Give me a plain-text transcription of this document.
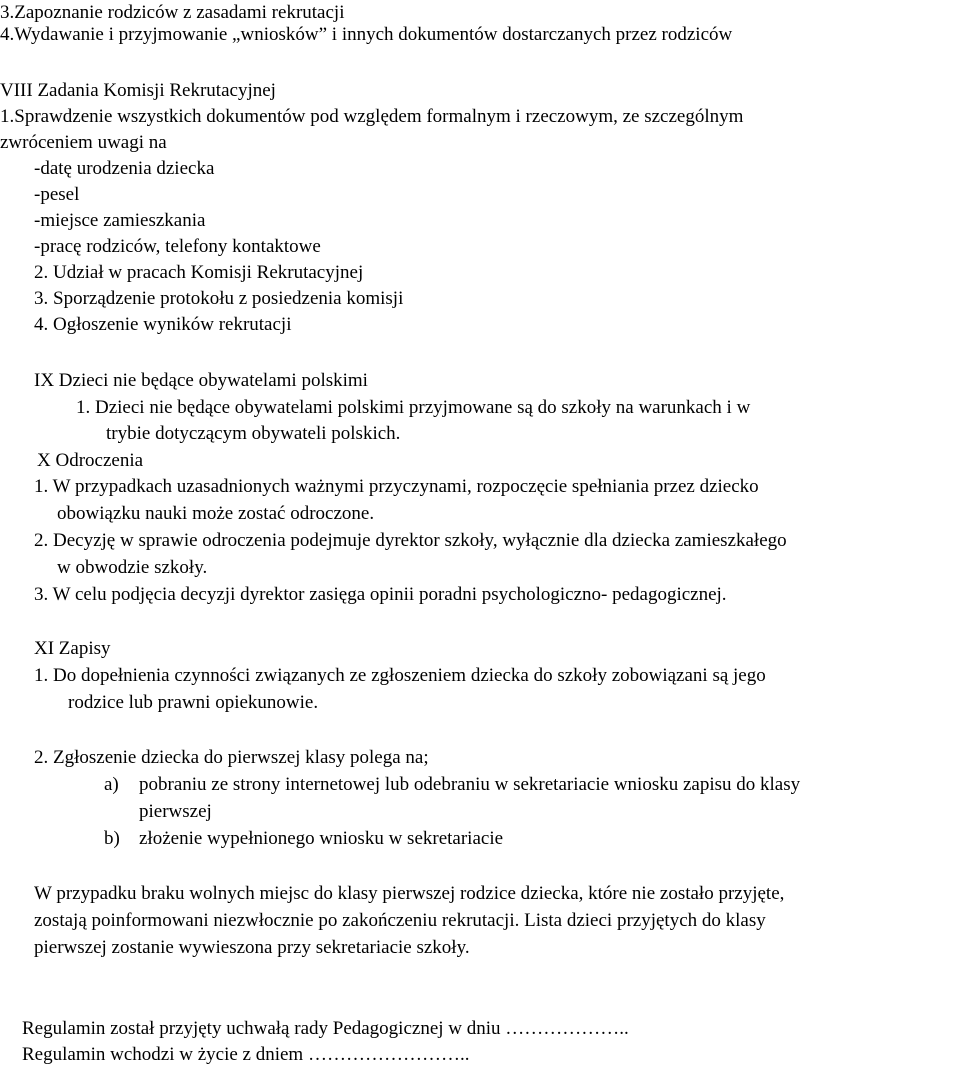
3.Zapoznanie rodziców z zasadami rekrutacji
4.Wydawanie i przyjmowanie „wniosków” i innych dokumentów dostarczanych przez rodziców
VIII Zadania Komisji Rekrutacyjnej
1.Sprawdzenie wszystkich dokumentów pod względem formalnym i rzeczowym, ze szczególnym
zwróceniem uwagi na
-datę urodzenia dziecka
-pesel
-miejsce zamieszkania
-pracę rodziców, telefony kontaktowe
2. Udział w pracach Komisji Rekrutacyjnej
3. Sporządzenie protokołu z posiedzenia komisji
4. Ogłoszenie wyników rekrutacji
IX Dzieci nie będące obywatelami polskimi
1. Dzieci nie będące obywatelami polskimi przyjmowane są do szkoły na warunkach i w
trybie dotyczącym obywateli polskich.
X Odroczenia
1. W przypadkach uzasadnionych ważnymi przyczynami, rozpoczęcie spełniania przez dziecko
obowiązku nauki może zostać odroczone.
2. Decyzję w sprawie odroczenia podejmuje dyrektor szkoły, wyłącznie dla dziecka zamieszkałego
w obwodzie szkoły.
3. W celu podjęcia decyzji dyrektor zasięga opinii poradni psychologiczno- pedagogicznej.
XI Zapisy
1. Do dopełnienia czynności związanych ze zgłoszeniem dziecka do szkoły zobowiązani są jego
rodzice lub prawni opiekunowie.
2. Zgłoszenie dziecka do pierwszej klasy polega na;
a) pobraniu ze strony internetowej lub odebraniu w sekretariacie wniosku zapisu do klasy
pierwszej
b) złożenie wypełnionego wniosku w sekretariacie
W przypadku braku wolnych miejsc do klasy pierwszej rodzice dziecka, które nie zostało przyjęte,
zostają poinformowani niezwłocznie po zakończeniu rekrutacji. Lista dzieci przyjętych do klasy
pierwszej zostanie wywieszona przy sekretariacie szkoły.
Regulamin został przyjęty uchwałą rady Pedagogicznej w dniu ………………..
Regulamin wchodzi w życie z dniem ……………………..
